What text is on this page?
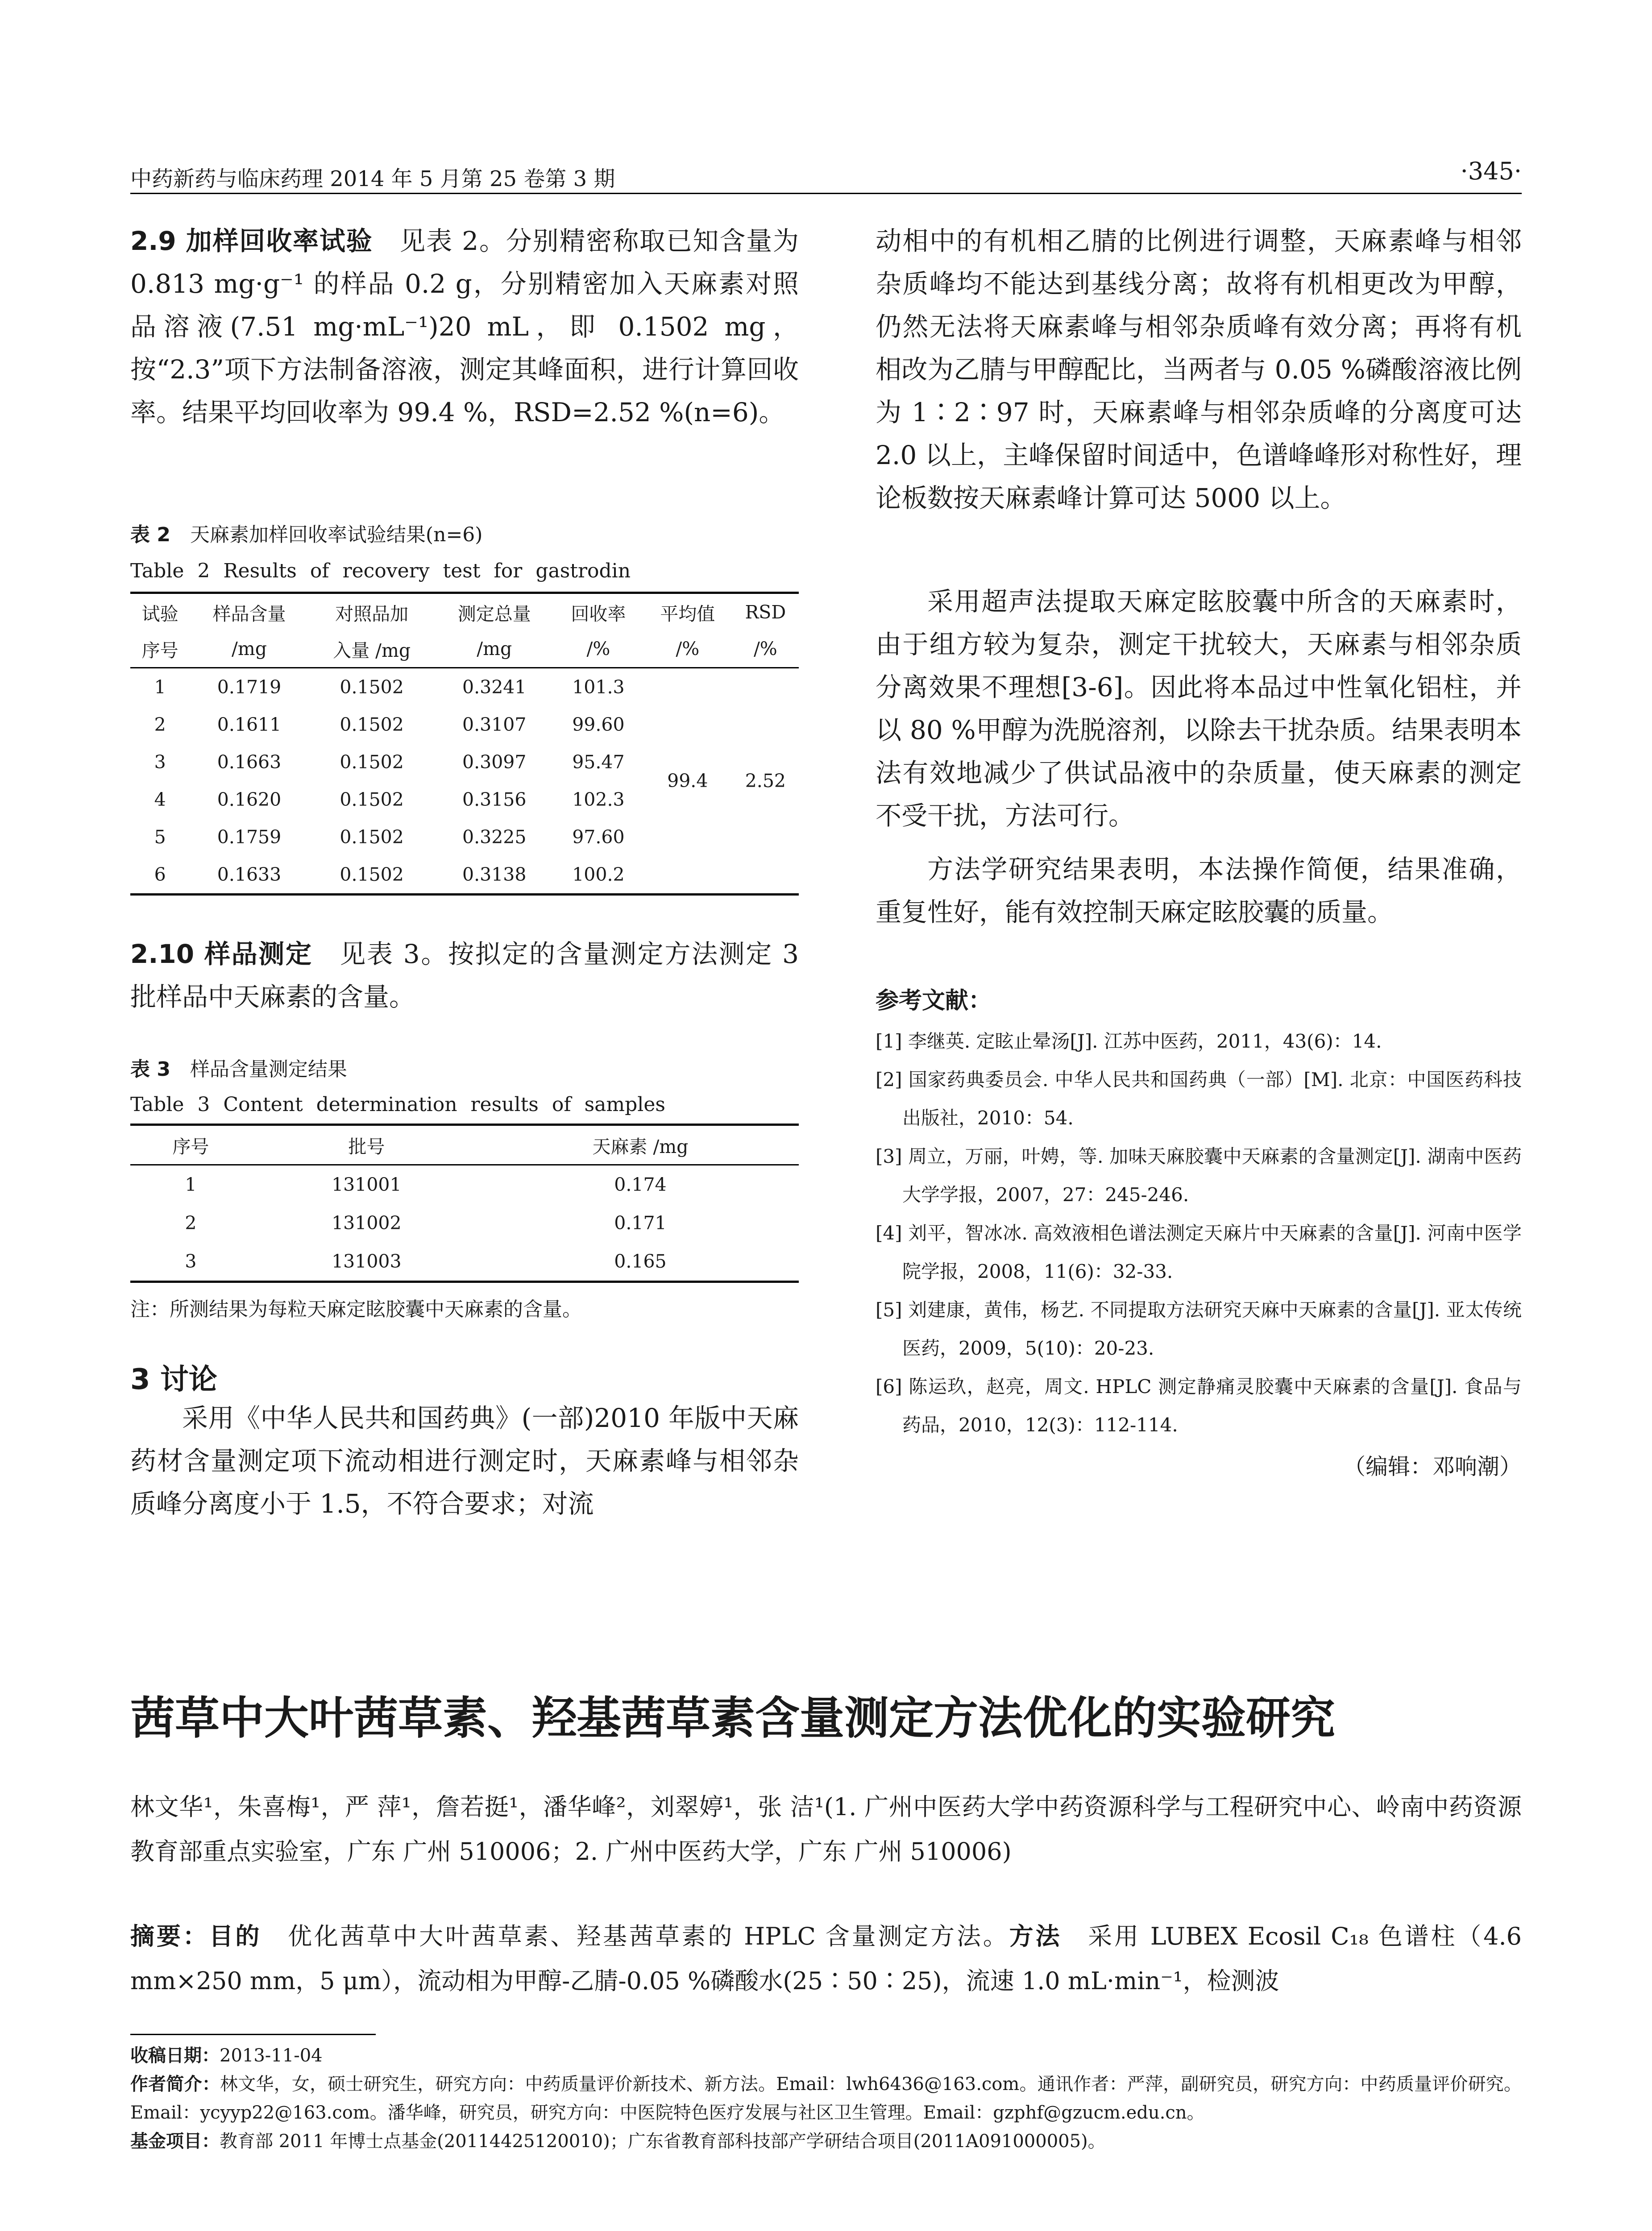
中药新药与临床药理 2014 年 5 月第 25 卷第 3 期	·345·

2.9 加样回收率试验　 见表 2。分别精密称取已知含量为 0.813 mg·g⁻¹ 的样品 0.2 g，分别精密加入天麻素对照品溶液(7.51 mg·mL⁻¹)20 mL，即 0.1502 mg，按“2.3”项下方法制备溶液，测定其峰面积，进行计算回收率。结果平均回收率为 99.4 %，RSD=2.52 %(n=6)。

表 2　 天麻素加样回收率试验结果(n=6)

Table 2 Results of recovery test for gastrodin

试验	样品含量	对照品加	测定总量	回收率	平均值	RSD
序号	/mg	入量 /mg	/mg	/%	/%	/%
1	0.1719	0.1502	0.3241	101.3	99.4	2.52
2	0.1611	0.1502	0.3107	99.60		
3	0.1663	0.1502	0.3097	95.47		
4	0.1620	0.1502	0.3156	102.3		
5	0.1759	0.1502	0.3225	97.60		
6	0.1633	0.1502	0.3138	100.2		

2.10 样品测定　 见表 3。按拟定的含量测定方法测定 3 批样品中天麻素的含量。

表 3　 样品含量测定结果

Table 3 Content determination results of samples

序号	批号	天麻素 /mg
1	131001	0.174
2	131002	0.171
3	131003	0.165

注：所测结果为每粒天麻定眩胶囊中天麻素的含量。

3 讨论

采用《中华人民共和国药典》(一部)2010 年版中天麻药材含量测定项下流动相进行测定时，天麻素峰与相邻杂质峰分离度小于 1.5，不符合要求；对流

动相中的有机相乙腈的比例进行调整，天麻素峰与相邻杂质峰均不能达到基线分离；故将有机相更改为甲醇，仍然无法将天麻素峰与相邻杂质峰有效分离；再将有机相改为乙腈与甲醇配比，当两者与 0.05 %磷酸溶液比例为 1∶2∶97 时，天麻素峰与相邻杂质峰的分离度可达 2.0 以上，主峰保留时间适中，色谱峰峰形对称性好，理论板数按天麻素峰计算可达 5000 以上。

采用超声法提取天麻定眩胶囊中所含的天麻素时，由于组方较为复杂，测定干扰较大，天麻素与相邻杂质分离效果不理想[3-6]。因此将本品过中性氧化铝柱，并以 80 %甲醇为洗脱溶剂，以除去干扰杂质。结果表明本法有效地减少了供试品液中的杂质量，使天麻素的测定不受干扰，方法可行。

方法学研究结果表明，本法操作简便，结果准确，重复性好，能有效控制天麻定眩胶囊的质量。

参考文献：
[1] 李继英. 定眩止晕汤[J]. 江苏中医药，2011，43(6)：14.
[2] 国家药典委员会. 中华人民共和国药典（一部）[M]. 北京：中国医药科技出版社，2010：54.
[3] 周立，万丽，叶娉，等. 加味天麻胶囊中天麻素的含量测定[J]. 湖南中医药大学学报，2007，27：245-246.
[4] 刘平，智冰冰. 高效液相色谱法测定天麻片中天麻素的含量[J]. 河南中医学院学报，2008，11(6)：32-33.
[5] 刘建康，黄伟，杨艺. 不同提取方法研究天麻中天麻素的含量[J]. 亚太传统医药，2009，5(10)：20-23.
[6] 陈运玖，赵亮，周文. HPLC 测定静痛灵胶囊中天麻素的含量[J]. 食品与药品，2010，12(3)：112-114.
（编辑：邓响潮）
茜草中大叶茜草素、羟基茜草素含量测定方法优化的实验研究

林文华¹，朱喜梅¹，严 萍¹，詹若挺¹，潘华峰²，刘翠婷¹，张 洁¹(1. 广州中医药大学中药资源科学与工程研究中心、岭南中药资源教育部重点实验室，广东 广州 510006；2. 广州中医药大学，广东 广州 510006)

摘要：目的　 优化茜草中大叶茜草素、羟基茜草素的 HPLC 含量测定方法。方法　 采用 LUBEX Ecosil C₁₈ 色谱柱（4.6 mm×250 mm，5 μm），流动相为甲醇-乙腈-0.05 %磷酸水(25∶50∶25)，流速 1.0 mL·min⁻¹，检测波

收稿日期：2013-11-04
作者简介：林文华，女，硕士研究生，研究方向：中药质量评价新技术、新方法。Email：lwh6436@163.com。通讯作者：严萍，副研究员，研究方向：中药质量评价研究。Email：ycyyp22@163.com。潘华峰，研究员，研究方向：中医院特色医疗发展与社区卫生管理。Email：gzphf@gzucm.edu.cn。
基金项目：教育部 2011 年博士点基金(20114425120010)；广东省教育部科技部产学研结合项目(2011A091000005)。
